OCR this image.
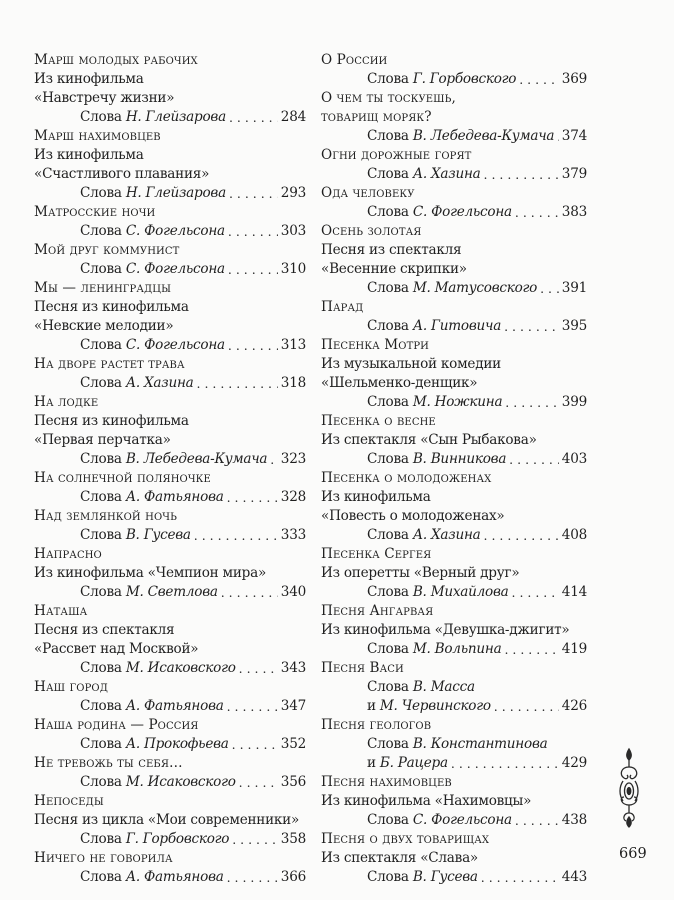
Марш молодых рабочих
Из кинофильма
«Навстречу жизни»
Слова Н. Глейзарова . . .	284
Марш нахимовцев
Из кинофильма
«Счастливого плавания»
Слова Н. Глейзарова . . .	293
Матросские ночи
Слова С. Фогельсона . . .	303
Мой друг коммунист
Слова С. Фогельсона . . .	310
Мы — ленинградцы
Песня из кинофильма
«Невские мелодии»
Слова С. Фогельсона . . .	313
На дворе растет трава
Слова А. Хазина . . .	318
На лодке
Песня из кинофильма
«Первая перчатка»
Слова В. Лебедева-Кумача . . . 323
На солнечной поляночке
Слова А. Фатьянова . . .	328
Над землянкой ночь
Слова В. Гусева . . .	333
Напрасно
Из кинофильма «Чемпион мира»
Слова М. Светлова . . .	340
Наташа
Песня из спектакля
«Рассвет над Москвой»
Слова М. Исаковского . . .	343
Наш город
Слова А. Фатьянова . . .	347
Наша родина — Россия
Слова А. Прокофьева . . .	352
Не тревожь ты себя…
Слова М. Исаковского . . .	356
Непоседы
Песня из цикла «Мои современники»
Слова Г. Горбовского . . .	358
Ничего не говорила
Слова А. Фатьянова . . .	366
О России
Слова Г. Горбовского . . .	369
О чем ты тоскуешь,
товарищ моряк?
Слова В. Лебедева-Кумача . . . 374
Огни дорожные горят
Слова А. Хазина . . .	379
Ода человеку
Слова С. Фогельсона . . .	383
Осень золотая
Песня из спектакля
«Весенние скрипки»
Слова М. Матусовского . . . 391
Парад
Слова А. Гитовича . . .	395
Песенка Мотри
Из музыкальной комедии
«Шельменко-денщик»
Слова М. Ножкина . . .	399
Песенка о весне
Из спектакля «Сын Рыбакова»
Слова В. Винникова . . .	403
Песенка о молодоженах
Из кинофильма
«Повесть о молодоженах»
Слова А. Хазина . . .	408
Песенка Сергея
Из оперетты «Верный друг»
Слова В. Михайлова . . .	414
Песня Ангарвая
Из кинофильма «Девушка-джигит»
Слова М. Вольпина . . .	419
Песня Васи
Слова В. Масса
и М. Червинского . . .	426
Песня геологов
Слова В. Константинова
и Б. Рацера . . .	429
Песня нахимовцев
Из кинофильма «Нахимовцы»
Слова С. Фогельсона . . .	438
Песня о двух товарищах
Из спектакля «Слава»
Слова В. Гусева . . .	443
669
